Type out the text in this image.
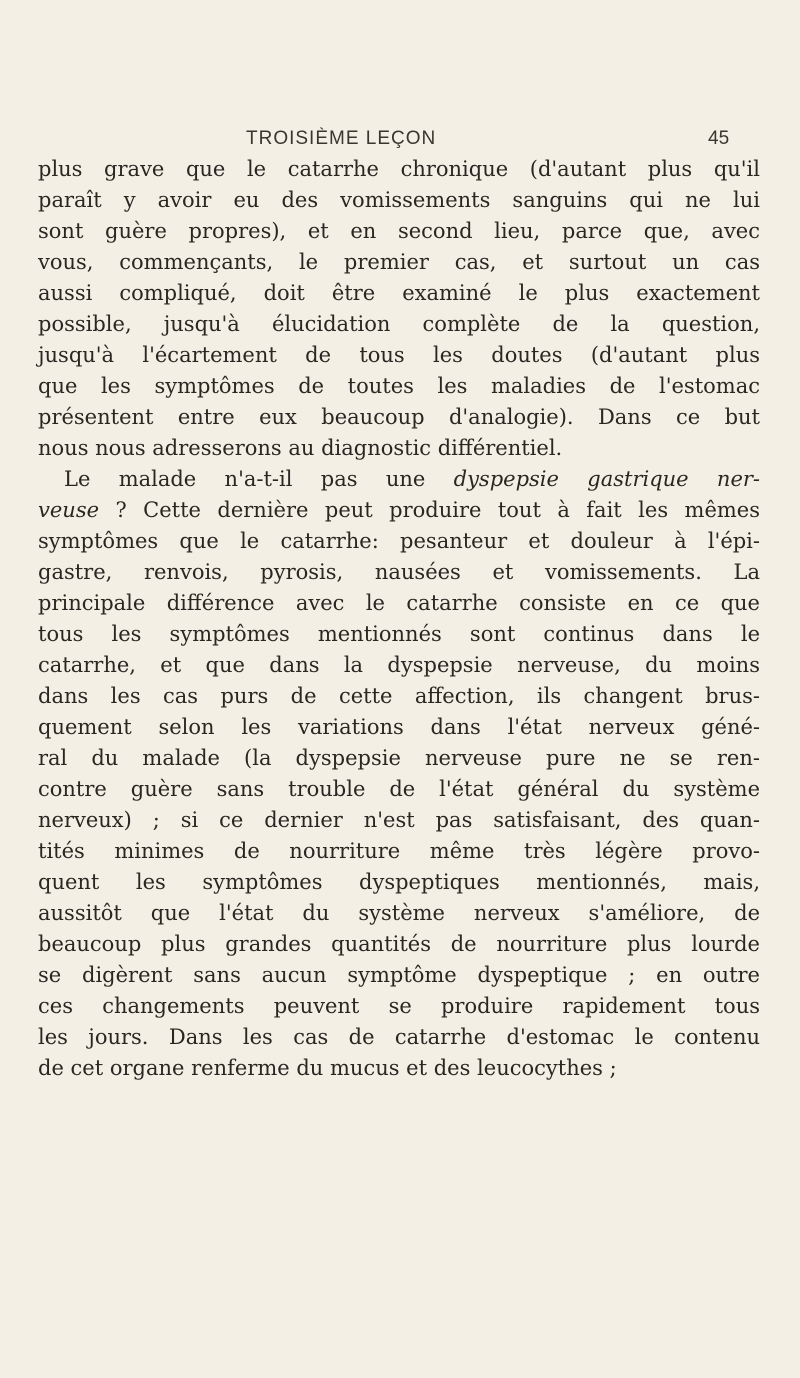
TROISIÈME LEÇON	45
plus grave que le catarrhe chronique (d'autant plus qu'il
paraît y avoir eu des vomissements sanguins qui ne lui
sont guère propres), et en second lieu, parce que, avec
vous, commençants, le premier cas, et surtout un cas
aussi compliqué, doit être examiné le plus exactement
possible, jusqu'à élucidation complète de la question,
jusqu'à l'écartement de tous les doutes (d'autant plus
que les symptômes de toutes les maladies de l'estomac
présentent entre eux beaucoup d'analogie). Dans ce but
nous nous adresserons au diagnostic différentiel.
Le malade n'a-t-il pas une dyspepsie gastrique ner-
veuse ? Cette dernière peut produire tout à fait les mêmes
symptômes que le catarrhe: pesanteur et douleur à l'épi-
gastre, renvois, pyrosis, nausées et vomissements. La
principale différence avec le catarrhe consiste en ce que
tous les symptômes mentionnés sont continus dans le
catarrhe, et que dans la dyspepsie nerveuse, du moins
dans les cas purs de cette affection, ils changent brus-
quement selon les variations dans l'état nerveux géné-
ral du malade (la dyspepsie nerveuse pure ne se ren-
contre guère sans trouble de l'état général du système
nerveux) ; si ce dernier n'est pas satisfaisant, des quan-
tités minimes de nourriture même très légère provo-
quent les symptômes dyspeptiques mentionnés, mais,
aussitôt que l'état du système nerveux s'améliore, de
beaucoup plus grandes quantités de nourriture plus lourde
se digèrent sans aucun symptôme dyspeptique ; en outre
ces changements peuvent se produire rapidement tous
les jours. Dans les cas de catarrhe d'estomac le contenu
de cet organe renferme du mucus et des leucocythes ;
